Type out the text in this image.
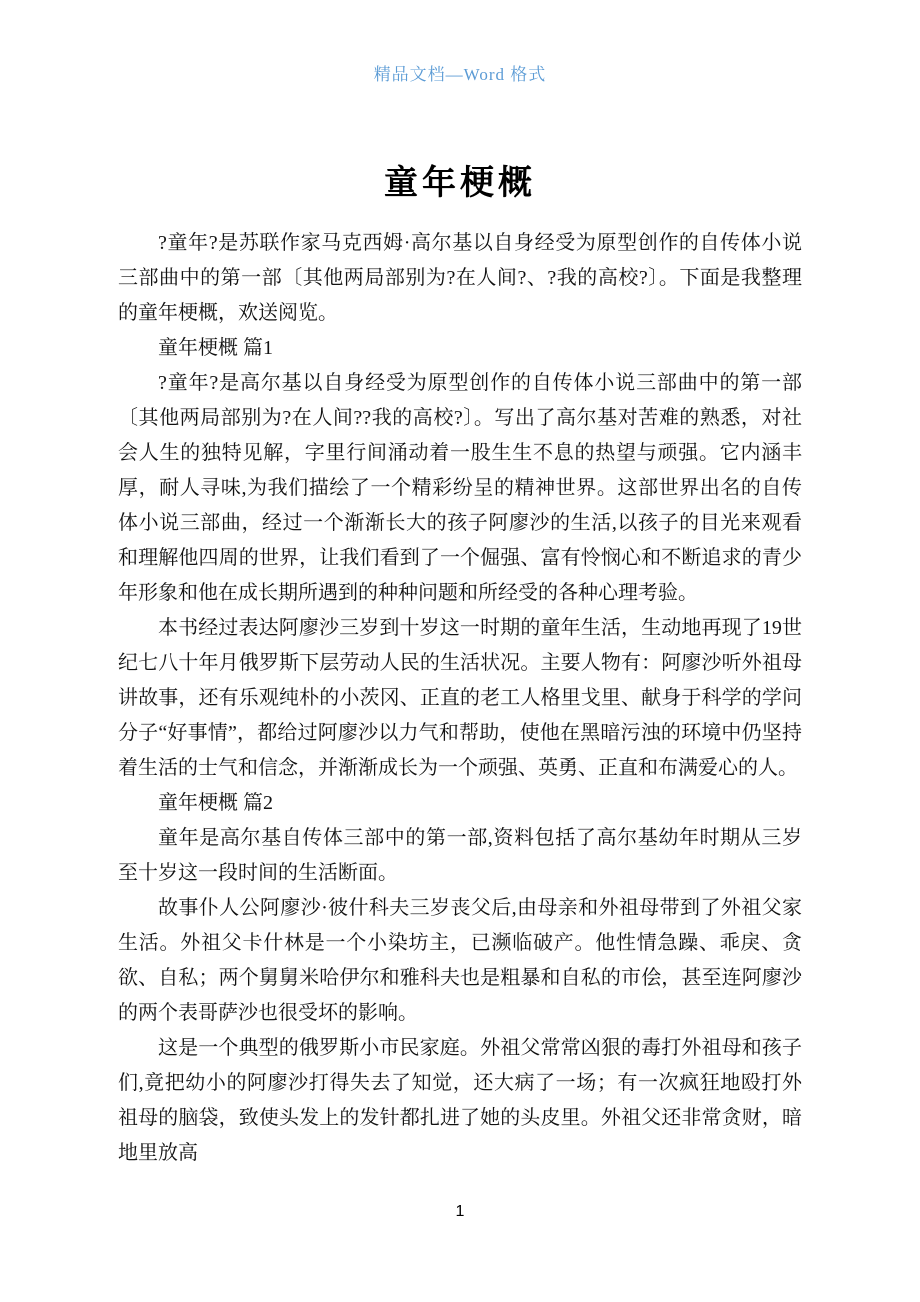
精品文档—Word 格式
童年梗概

?童年?是苏联作家马克西姆·高尔基以自身经受为原型创作的自传体小说三部曲中的第一部〔其他两局部别为?在人间?、?我的高校?〕。下面是我整理的童年梗概，欢送阅览。

童年梗概 篇1

?童年?是高尔基以自身经受为原型创作的自传体小说三部曲中的第一部〔其他两局部别为?在人间??我的高校?〕。写出了高尔基对苦难的熟悉，对社会人生的独特见解，字里行间涌动着一股生生不息的热望与顽强。它内涵丰厚，耐人寻味,为我们描绘了一个精彩纷呈的精神世界。这部世界出名的自传体小说三部曲，经过一个渐渐长大的孩子阿廖沙的生活,以孩子的目光来观看和理解他四周的世界，让我们看到了一个倔强、富有怜悯心和不断追求的青少年形象和他在成长期所遇到的种种问题和所经受的各种心理考验。

本书经过表达阿廖沙三岁到十岁这一时期的童年生活，生动地再现了19世纪七八十年月俄罗斯下层劳动人民的生活状况。主要人物有：阿廖沙听外祖母讲故事，还有乐观纯朴的小茨冈、正直的老工人格里戈里、献身于科学的学问分子“好事情”，都给过阿廖沙以力气和帮助，使他在黑暗污浊的环境中仍坚持着生活的士气和信念，并渐渐成长为一个顽强、英勇、正直和布满爱心的人。

童年梗概 篇2

童年是高尔基自传体三部中的第一部,资料包括了高尔基幼年时期从三岁至十岁这一段时间的生活断面。

故事仆人公阿廖沙·彼什科夫三岁丧父后,由母亲和外祖母带到了外祖父家生活。外祖父卡什林是一个小染坊主，已濒临破产。他性情急躁、乖戾、贪欲、自私；两个舅舅米哈伊尔和雅科夫也是粗暴和自私的市侩，甚至连阿廖沙的两个表哥萨沙也很受坏的影响。

这是一个典型的俄罗斯小市民家庭。外祖父常常凶狠的毒打外祖母和孩子们,竟把幼小的阿廖沙打得失去了知觉，还大病了一场；有一次疯狂地殴打外祖母的脑袋，致使头发上的发针都扎进了她的头皮里。外祖父还非常贪财，暗地里放高

1
